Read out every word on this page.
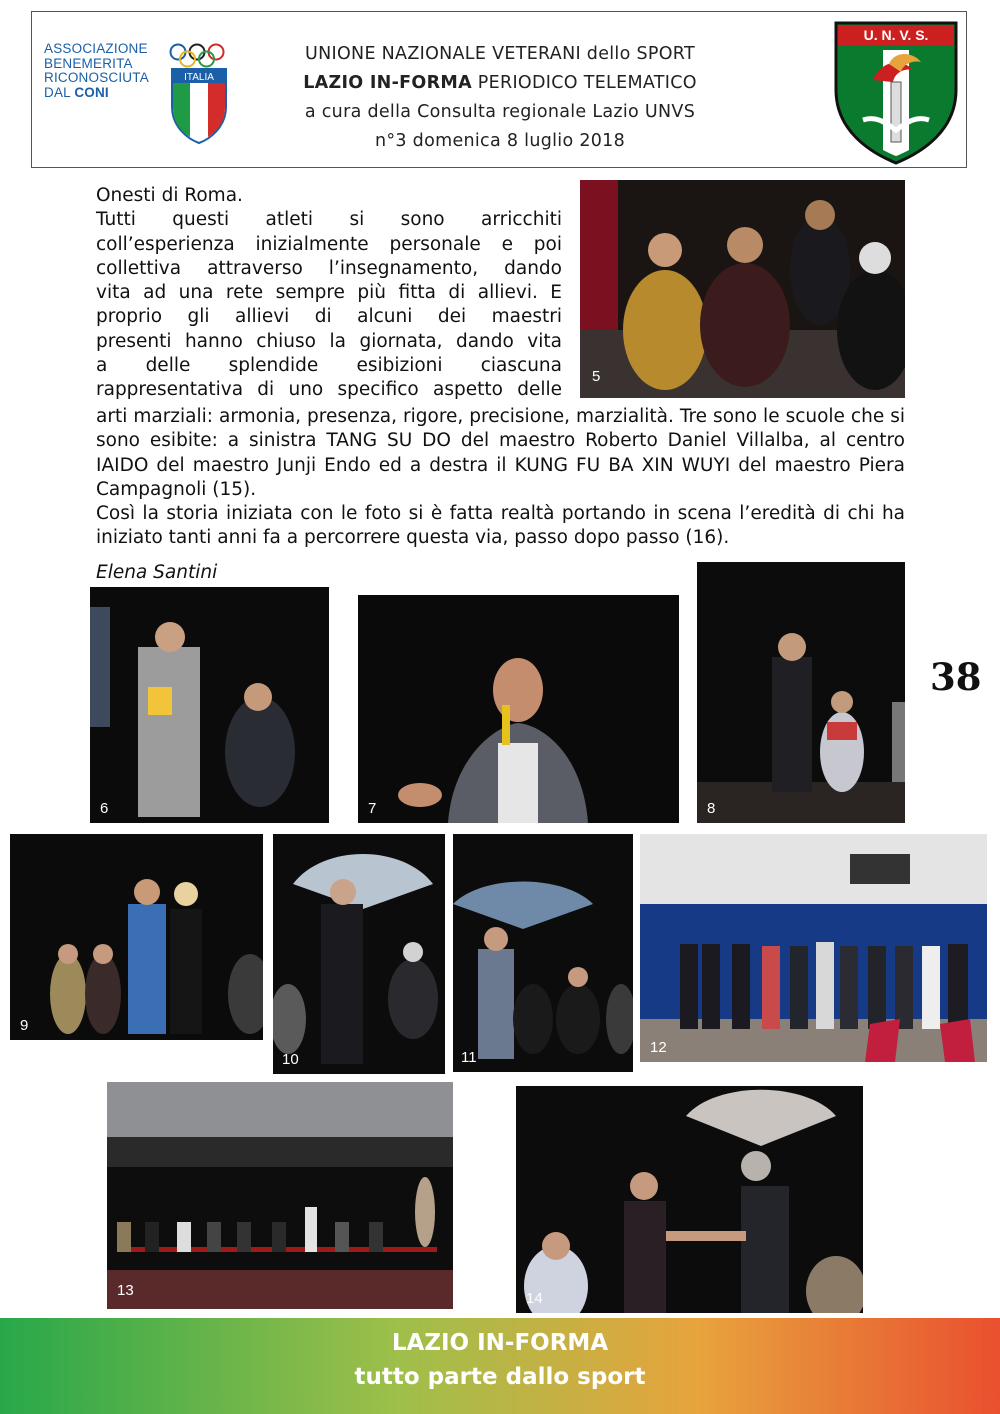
ASSOCIAZIONE
BENEMERITA
RICONOSCIUTA
DAL CONI
ITALIA
UNIONE NAZIONALE VETERANI dello SPORT
LAZIO IN-FORMA PERIODICO TELEMATICO
a cura della Consulta regionale Lazio UNVS
n°3 domenica 8 luglio 2018
U. N. V. S.
Onesti di Roma.
Tutti questi atleti si sono arricchiti
coll’esperienza inizialmente personale e poi
collettiva attraverso l’insegnamento, dando
vita ad una rete sempre più fitta di allievi. E
proprio gli allievi di alcuni dei maestri
presenti hanno chiuso la giornata, dando vita
a delle splendide esibizioni ciascuna
rappresentativa di uno specifico aspetto delle
arti marziali: armonia, presenza, rigore, precisione, marzialità. Tre sono le scuole che si sono esibite: a sinistra TANG SU DO del maestro Roberto Daniel Villalba, al centro IAIDO del maestro Junji Endo ed a destra il KUNG FU BA XIN WUYI del maestro Piera Campagnoli (15).
Così la storia iniziata con le foto si è fatta realtà portando in scena l’eredità di chi ha iniziato tanti anni fa a percorrere questa via, passo dopo passo (16).
Elena Santini
5
6	7	8
9
10	11
12
13	14
38
LAZIO IN-FORMA
tutto parte dallo sport
